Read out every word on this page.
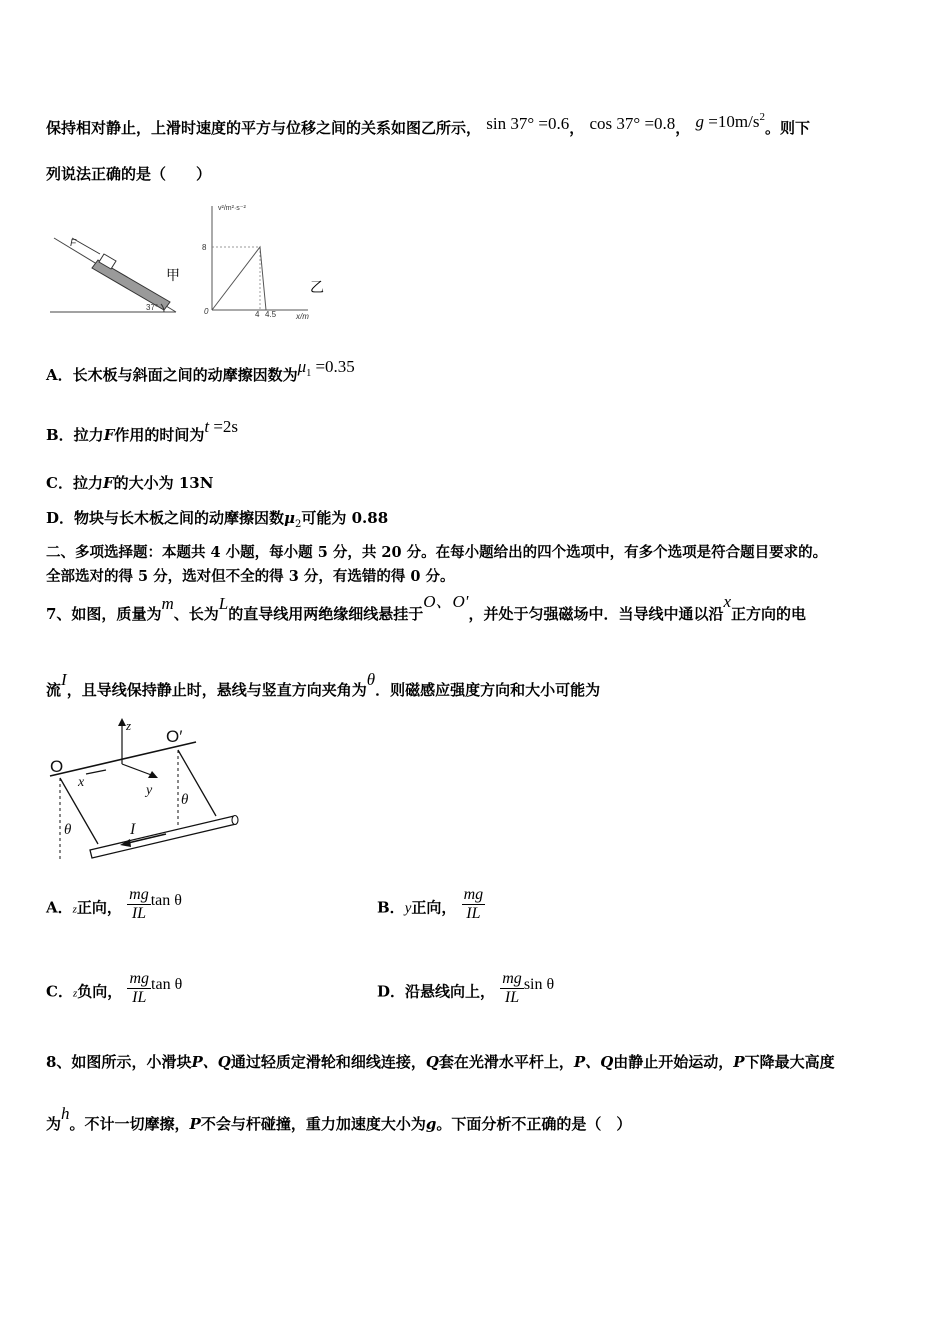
保持相对静止，上滑时速度的平方与位移之间的关系如图乙所示， sin 37° =0.6， cos 37° =0.8， $g =10m/s^2$。则下
列说法正确的是（　　）
F
37°
甲
v²/m²·s⁻²
x/m
0
8
4 4.5
乙
A．长木板与斜面之间的动摩擦因数为$\mu_1 =0.35$
B．拉力F作用的时间为t =2s
C．拉力F的大小为 13N
D．物块与长木板之间的动摩擦因数$\mu_2$可能为 0.88
二、多项选择题：本题共 4 小题，每小题 5 分，共 20 分。在每小题给出的四个选项中，有多个选项是符合题目要求的。
全部选对的得 5 分，选对但不全的得 3 分，有选错的得 0 分。
7、如图，质量为m、长为L的直导线用两绝缘细线悬挂于O、O'，并处于匀强磁场中．当导线中通以沿x正方向的电
流I，且导线保持静止时，悬线与竖直方向夹角为θ．则磁感应强度方向和大小可能为
z
y
x
O
O′
θ
θ
I
A．z正向， $\frac{mg}{IL}$ tan θ	B．y正向， $\frac{mg}{IL}$
C．z负向， $\frac{mg}{IL}$ tan θ	D．沿悬线向上， $\frac{mg}{IL}$ sin θ
8、如图所示，小滑块P、Q通过轻质定滑轮和细线连接，Q套在光滑水平杆上，P、Q由静止开始运动，P下降最大高度
为h。不计一切摩擦，P不会与杆碰撞，重力加速度大小为g。下面分析不正确的是（　）
